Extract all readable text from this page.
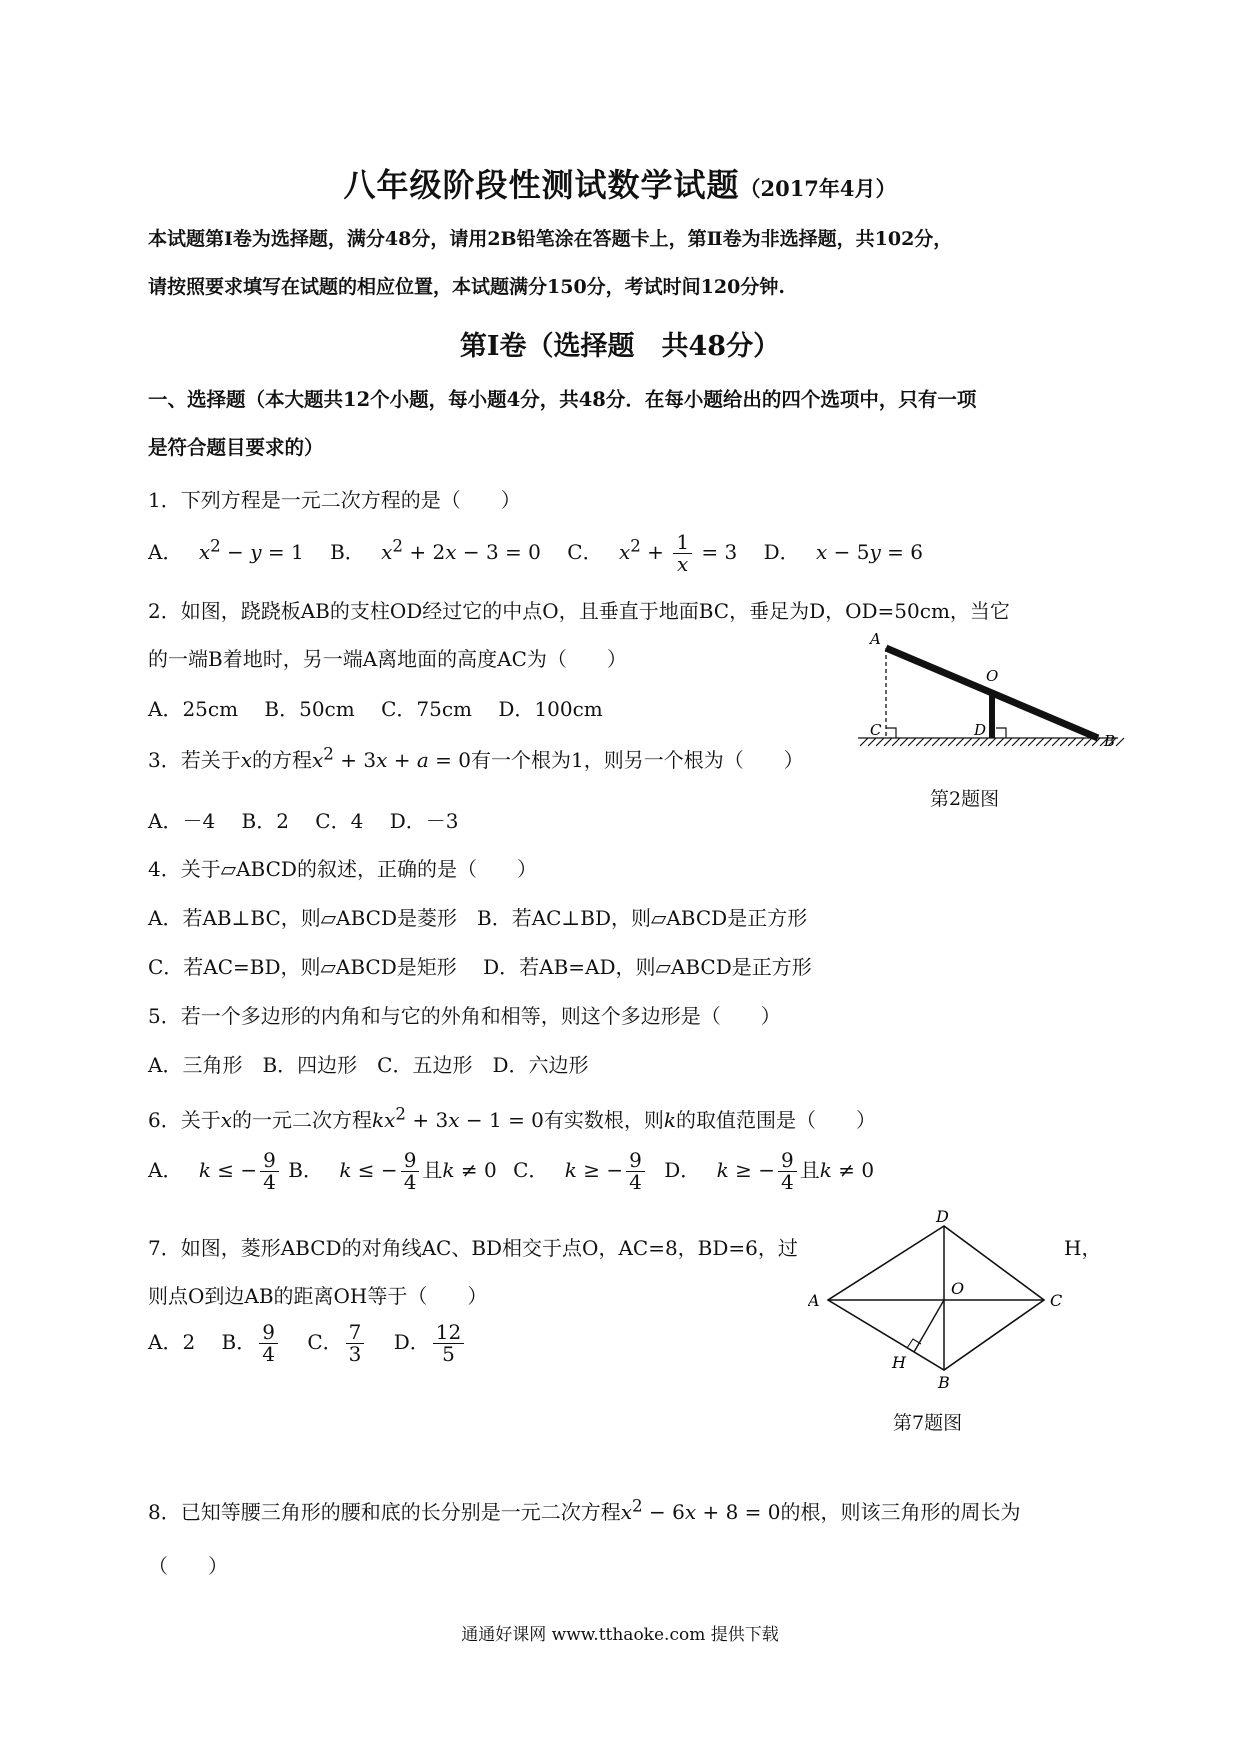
八年级阶段性测试数学试题（2017年4月）
本试题第Ⅰ卷为选择题，满分48分，请用2B铅笔涂在答题卡上，第Ⅱ卷为非选择题，共102分，
请按照要求填写在试题的相应位置，本试题满分150分，考试时间120分钟.
第Ⅰ卷（选择题　共48分）
一、选择题（本大题共12个小题，每小题4分，共48分．在每小题给出的四个选项中，只有一项
是符合题目要求的）
1．下列方程是一元二次方程的是（　　）
A．   $x^2 - y = 1$  B．   $x^2 + 2x - 3 = 0$  C．   $x^2 + \frac{1}{x} = 3$  D．   x − 5y = 6
2．如图，跷跷板AB的支柱OD经过它的中点O，且垂直于地面BC，垂足为D，OD=50cm，当它
的一端B着地时，另一端A离地面的高度AC为（　　）
A．25cm　 B．50cm　 C．75cm　 D．100cm
A
O
C	D
B
第2题图
3．若关于x的方程$x^2 + 3x + a = 0$有一个根为1，则另一个根为（　　）
A．－4　 B．2　 C．4　 D．－3
4．关于▱ABCD的叙述，正确的是（　　）
A．若AB⊥BC，则▱ABCD是菱形　B．若AC⊥BD，则▱ABCD是正方形
C．若AC=BD，则▱ABCD是矩形　 D．若AB=AD，则▱ABCD是正方形
5．若一个多边形的内角和与它的外角和相等，则这个多边形是（　　）
A．三角形　B．四边形　C．五边形　D．六边形
6．关于x的一元二次方程$kx^2 + 3x - 1 = 0$有实数根，则k的取值范围是（　　）
A．   k ≤ − $\frac{9}{4}$ B．   k ≤ − $\frac{9}{4}$ 且k ≠ 0  C．   k ≥ − $\frac{9}{4}$
  D．   k ≥ − $\frac{9}{4}$ 且k ≠ 0
7．如图，菱形ABCD的对角线AC、BD相交于点O，AC=8，BD=6，过	H，
则点O到边AB的距离OH等于（　　）
A．2  B． $\frac{9}{4}$
  C． $\frac{7}{3}$
  D． $\frac{12}{5}$
D
A
O
C
H
B
第7题图
8．已知等腰三角形的腰和底的长分别是一元二次方程$x^2 - 6x + 8 = 0$的根，则该三角形的周长为
（　　）
通通好课网 www.tthaoke.com 提供下载
